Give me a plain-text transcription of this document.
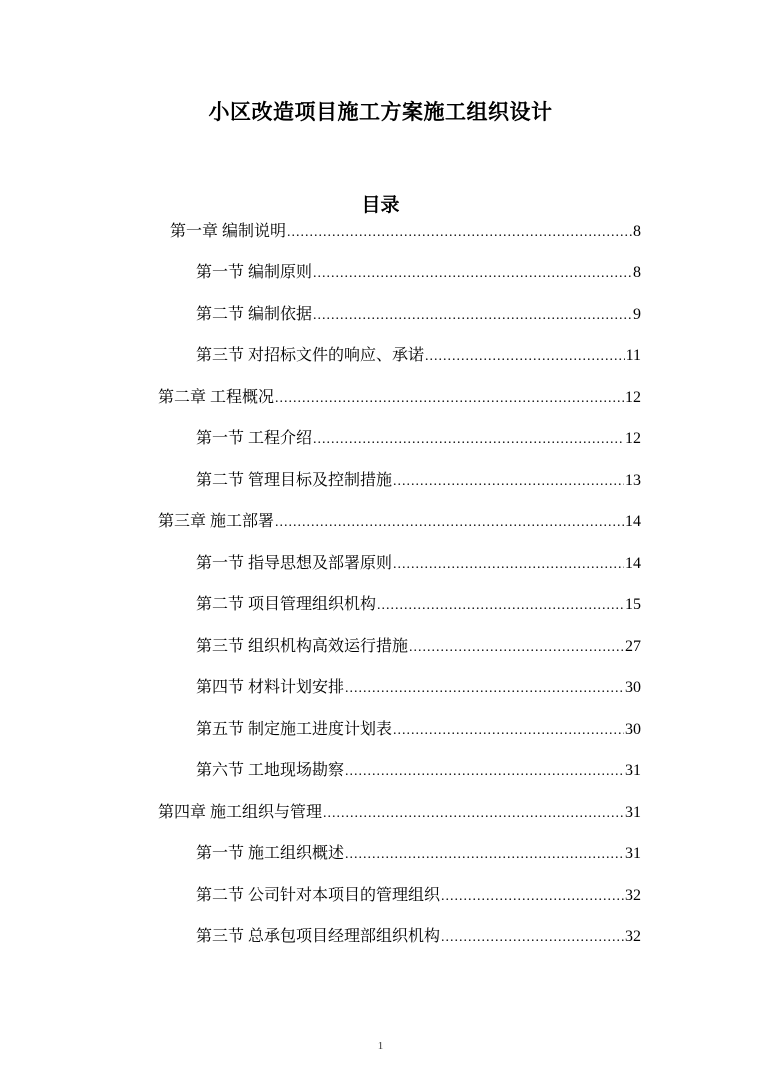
小区改造项目施工方案施工组织设计
目录
第一章 编制说明 .....	8
第一节 编制原则 .....	8
第二节 编制依据 .....	9
第三节 对招标文件的响应、承诺 .....	11
第二章 工程概况 .....	12
第一节 工程介绍 .....	12
第二节 管理目标及控制措施 .....	13
第三章 施工部署 .....	14
第一节 指导思想及部署原则 .....	14
第二节 项目管理组织机构 .....	15
第三节 组织机构高效运行措施 .....	27
第四节 材料计划安排 .....	30
第五节 制定施工进度计划表 .....	30
第六节 工地现场勘察 .....	31
第四章 施工组织与管理 .....	31
第一节 施工组织概述 .....	31
第二节 公司针对本项目的管理组织 .....	32
第三节 总承包项目经理部组织机构 .....	32
1
